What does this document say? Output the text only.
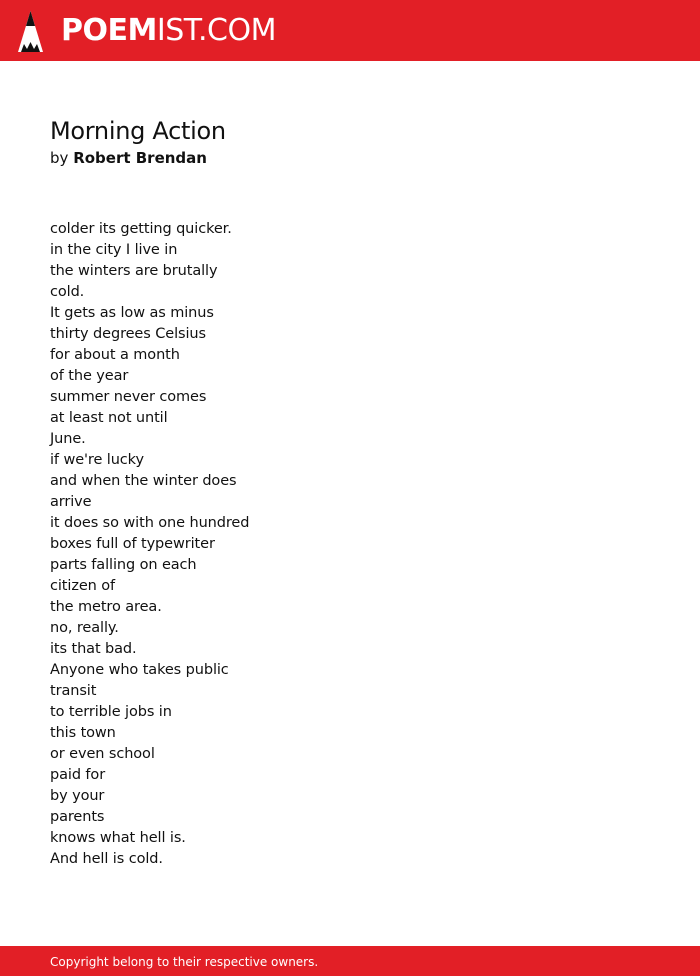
POEMIST.COM
Morning Action
by Robert Brendan
colder its getting quicker.
in the city I live in
the winters are brutally
cold.
It gets as low as minus
thirty degrees Celsius
for about a month
of the year
summer never comes
at least not until
June.
if we're lucky
and when the winter does
arrive
it does so with one hundred
boxes full of typewriter
parts falling on each
citizen of
the metro area.
no, really.
its that bad.
Anyone who takes public
transit
to terrible jobs in
this town
or even school
paid for
by your
parents
knows what hell is.
And hell is cold.
Copyright belong to their respective owners.
